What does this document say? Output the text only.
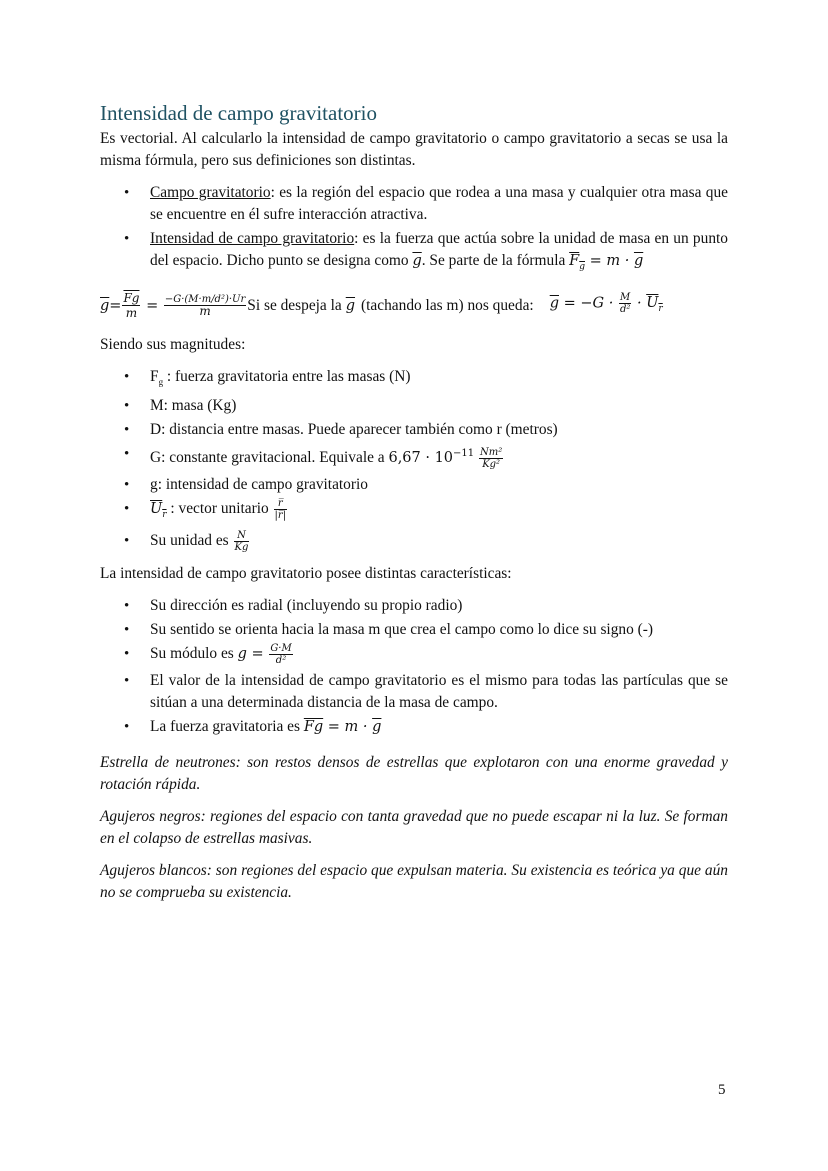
Intensidad de campo gravitatorio

Es vectorial. Al calcularlo la intensidad de campo gravitatorio o campo gravitatorio a secas se usa la misma fórmula, pero sus definiciones son distintas.

• Campo gravitatorio: es la región del espacio que rodea a una masa y cualquier otra masa que se encuentre en él sufre interacción atractiva.
• Intensidad de campo gravitatorio: es la fuerza que actúa sobre la unidad de masa en un punto del espacio. Dicho punto se designa como $\overline{g}$. Se parte de la fórmula $F_g = m \cdot \overline{g}$
$\overline{g} = \frac{\overline{Fg}}{m} = \frac{\text{−G·(M·m/d²)·Ur}}{m}$ Si se despeja la $\overline{g}$ (tachando las m) nos queda: $\overline{g} = -G \cdot \frac{M}{\text{d²}} \cdot U_r$

Siendo sus magnitudes:

• $F_g$ : fuerza gravitatoria entre las masas (N)
• M: masa (Kg)
• D: distancia entre masas. Puede aparecer también como r (metros)
• G: constante gravitacional. Equivale a $6,67 \cdot 10^{-11} \frac{\text{Nm²}}{\text{Kg²}}$
• g: intensidad de campo gravitatorio
• $U_r$ : vector unitario $\frac{r̅}{|r̅|}$
• Su unidad es $\frac{N}{Kg}$

La intensidad de campo gravitatorio posee distintas características:

• Su dirección es radial (incluyendo su propio radio)
• Su sentido se orienta hacia la masa m que crea el campo como lo dice su signo (-)
• Su módulo es $g = \frac{G\cdot M}{\text{d²}}$
• El valor de la intensidad de campo gravitatorio es el mismo para todas las partículas que se sitúan a una determinada distancia de la masa de campo.
• La fuerza gravitatoria es $\overline{Fg} = m \cdot \overline{g}$

Estrella de neutrones: son restos densos de estrellas que explotaron con una enorme gravedad y rotación rápida.

Agujeros negros: regiones del espacio con tanta gravedad que no puede escapar ni la luz. Se forman en el colapso de estrellas masivas.

Agujeros blancos: son regiones del espacio que expulsan materia. Su existencia es teórica ya que aún no se comprueba su existencia.

5
